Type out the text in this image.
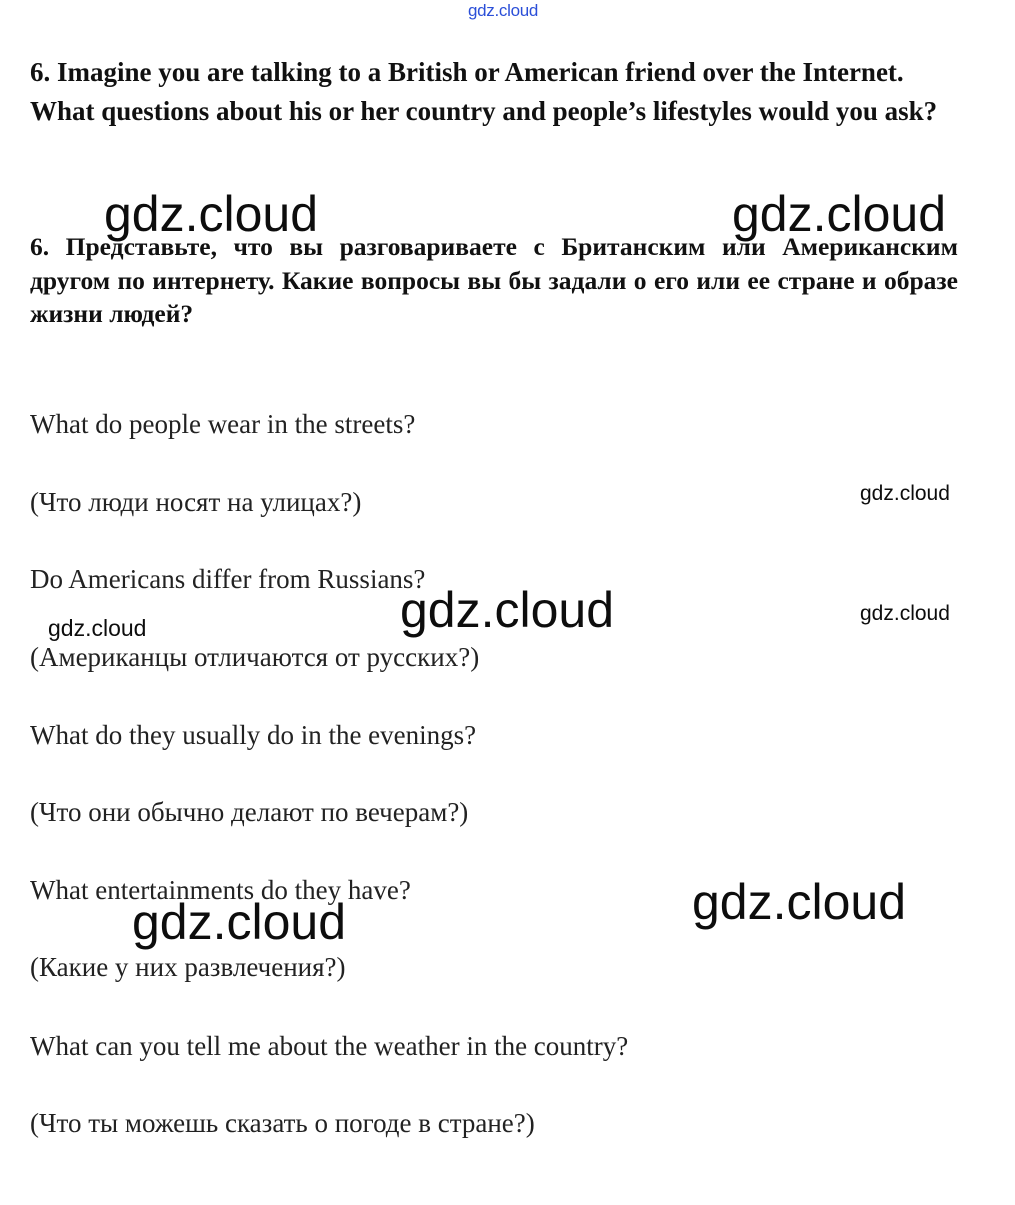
gdz.cloud
6. Imagine you are talking to a British or American friend over the Internet. What questions about his or her country and people’s lifestyles would you ask?
6. Представьте, что вы разговариваете с Британским или Американским другом по интернету. Какие вопросы вы бы задали о его или ее стране и образе жизни людей?
What do people wear in the streets?
(Что люди носят на улицах?)
Do Americans differ from Russians?
(Американцы отличаются от русских?)
What do they usually do in the evenings?
(Что они обычно делают по вечерам?)
What entertainments do they have?
(Какие у них развлечения?)
What can you tell me about the weather in the country?
(Что ты можешь сказать о погоде в стране?)
gdz.cloud	gdz.cloud
gdz.cloud
gdz.cloud	gdz.cloud
gdz.cloud
gdz.cloud
gdz.cloud
